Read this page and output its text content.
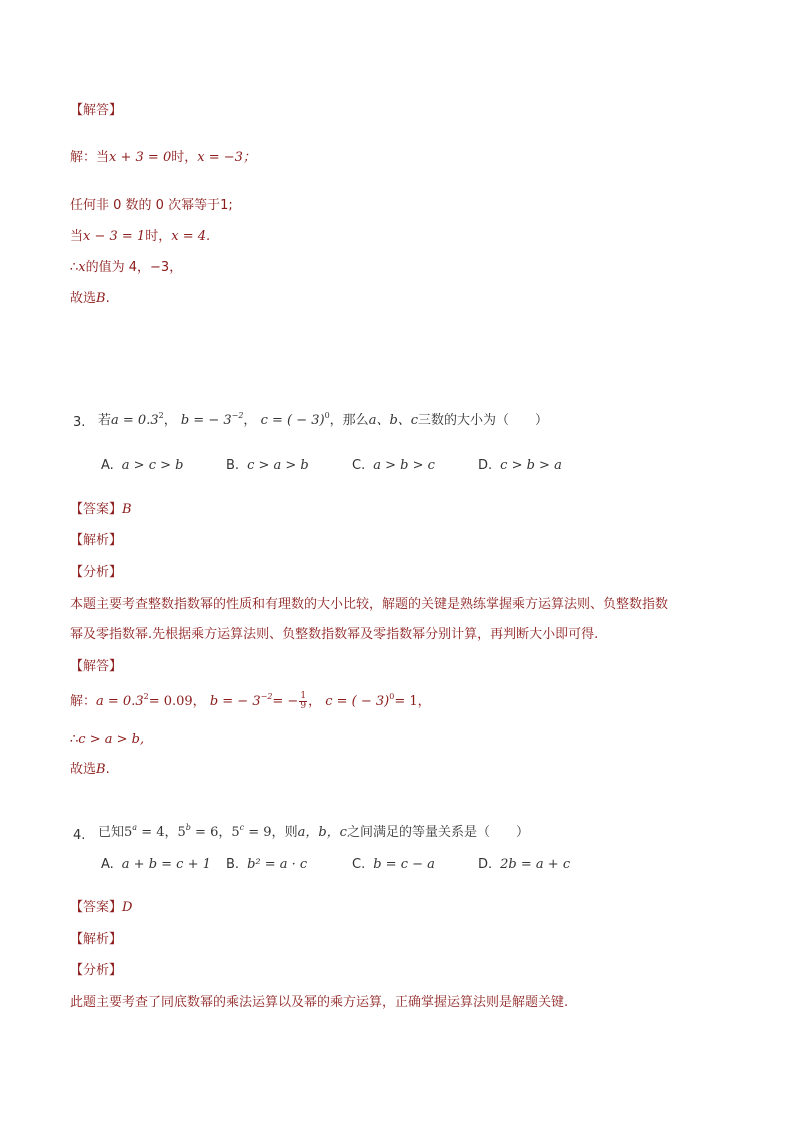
【解答】
解：当x + 3 = 0时，x = −3；
任何非 0 数的 0 次幂等于1;
当x − 3 = 1时，x = 4.
∴x的值为 4，−3，
故选B.
3. 若$a = 0.3^2$， b = − $3^{-2}$， c = ( − 3)$^0$，那么a、b、c三数的大小为（　　）
A. a > c > b	B. c > a > b	C. a > b > c	D. c > b > a
【答案】B
【解析】
【分析】
本题主要考查整数指数幂的性质和有理数的大小比较，解题的关键是熟练掌握乘方运算法则、负整数指数
幂及零指数幂.先根据乘方运算法则、负整数指数幂及零指数幂分别计算，再判断大小即可得.
【解答】
解：$a = 0.3^2= 0.09$， b = − $3^{-2}= - \frac{1}{9}$ ， c = ( − 3)$^0$= 1，
∴c > a > b,
故选B.
4. 已知$5^a = 4$，$5^b = 6$，$5^c = 9$，则a，b，c之间满足的等量关系是（　　）
A. a + b = c + 1 B. b² = a · c	C. b = c − a	D. 2b = a + c
【答案】D
【解析】
【分析】
此题主要考查了同底数幂的乘法运算以及幂的乘方运算，正确掌握运算法则是解题关键.
